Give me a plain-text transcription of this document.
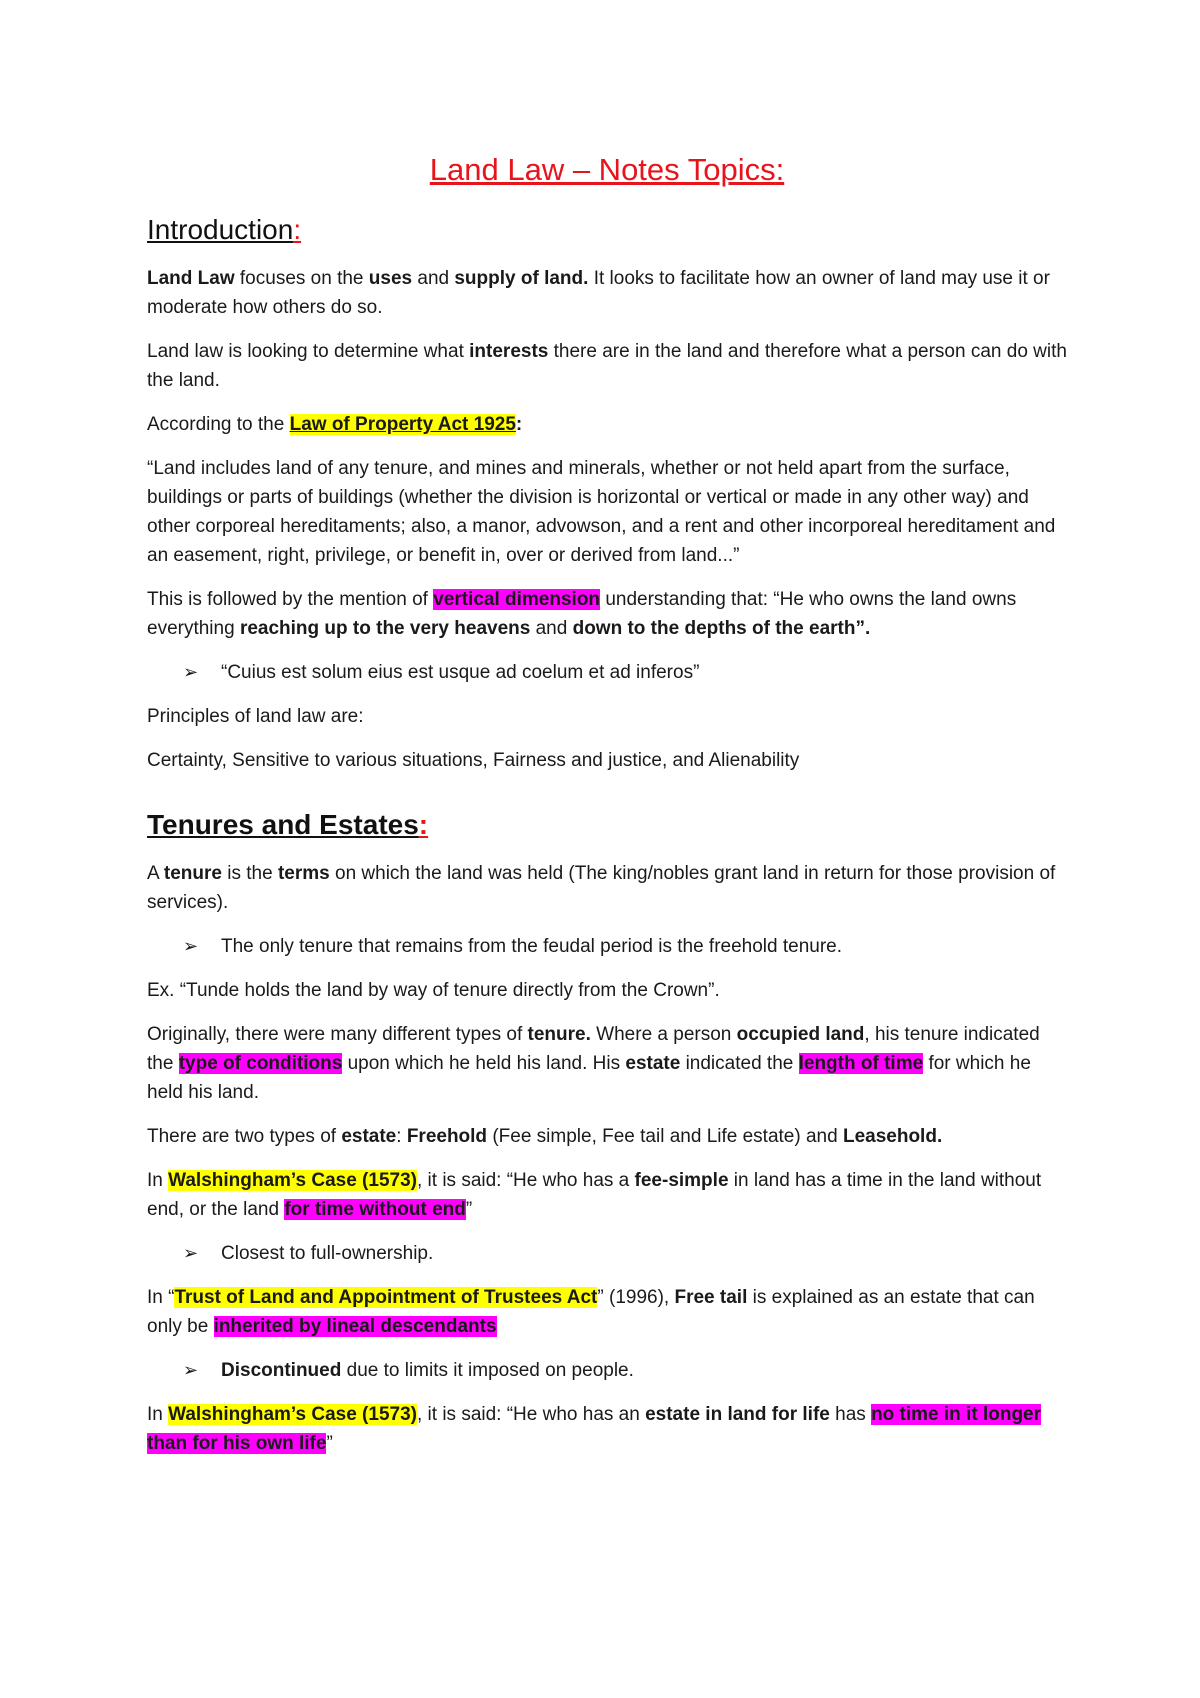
Land Law – Notes Topics:
Introduction:

Land Law focuses on the uses and supply of land. It looks to facilitate how an owner of land may use it or moderate how others do so.

Land law is looking to determine what interests there are in the land and therefore what a person can do with the land.

According to the Law of Property Act 1925:

“Land includes land of any tenure, and mines and minerals, whether or not held apart from the surface, buildings or parts of buildings (whether the division is horizontal or vertical or made in any other way) and other corporeal hereditaments; also, a manor, advowson, and a rent and other incorporeal hereditament and an easement, right, privilege, or benefit in, over or derived from land...”

This is followed by the mention of vertical dimension understanding that: “He who owns the land owns everything reaching up to the very heavens and down to the depths of the earth”.

➢ “Cuius est solum eius est usque ad coelum et ad inferos”

Principles of land law are:

Certainty, Sensitive to various situations, Fairness and justice, and Alienability

Tenures and Estates:

A tenure is the terms on which the land was held (The king/nobles grant land in return for those provision of services).

➢ The only tenure that remains from the feudal period is the freehold tenure.

Ex. “Tunde holds the land by way of tenure directly from the Crown”.

Originally, there were many different types of tenure. Where a person occupied land, his tenure indicated the type of conditions upon which he held his land. His estate indicated the length of time for which he held his land.

There are two types of estate: Freehold (Fee simple, Fee tail and Life estate) and Leasehold.

In Walshingham’s Case (1573), it is said: “He who has a fee-simple in land has a time in the land without end, or the land for time without end”

➢ Closest to full-ownership.

In “Trust of Land and Appointment of Trustees Act” (1996), Free tail is explained as an estate that can only be inherited by lineal descendants

➢ Discontinued due to limits it imposed on people.

In Walshingham’s Case (1573), it is said: “He who has an estate in land for life has no time in it longer than for his own life”
